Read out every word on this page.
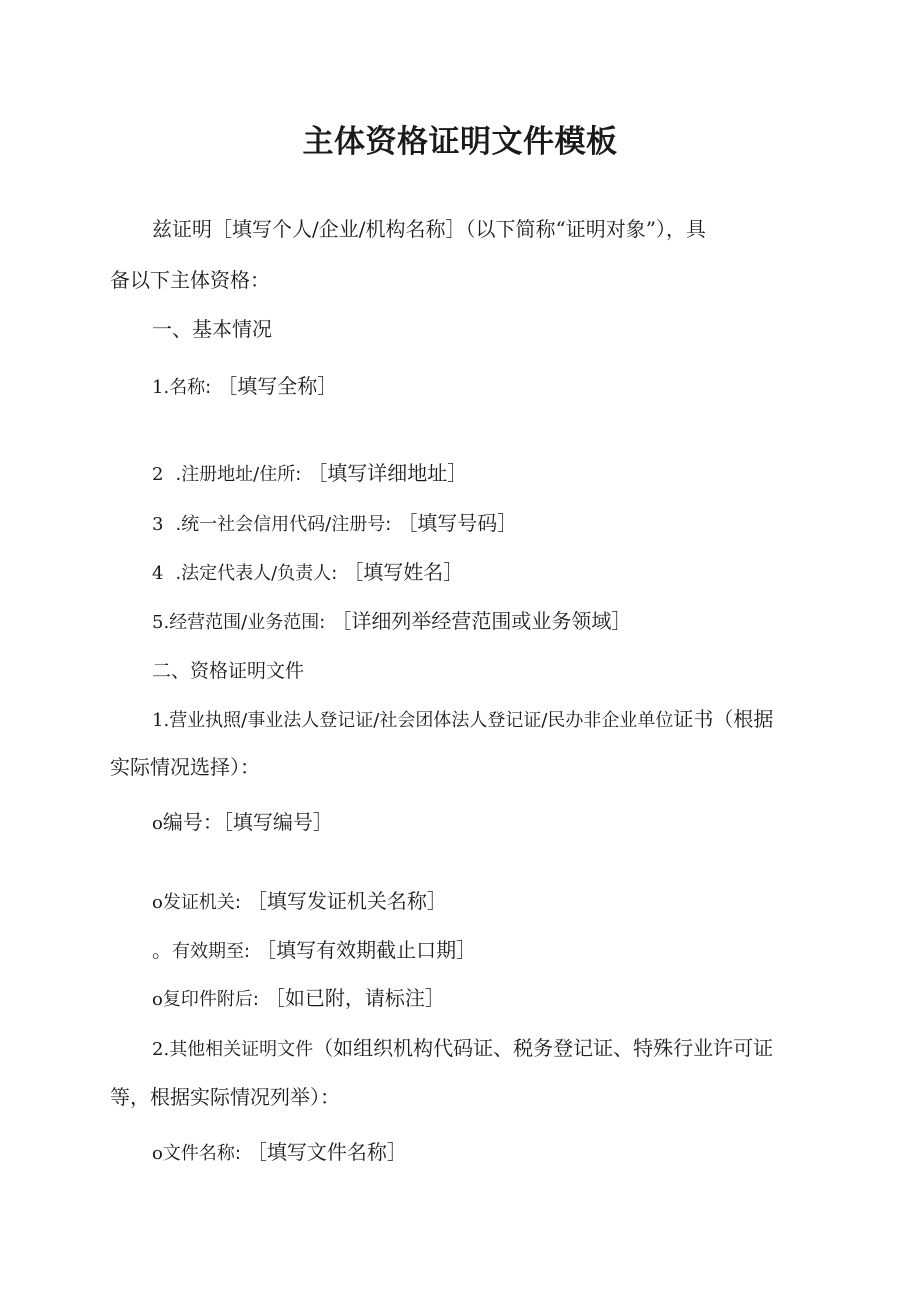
主体资格证明文件模板
兹证明［填写个人/企业/机构名称］（以下简称“证明对象”），具
备以下主体资格：
一、基本情况
1.名称: ［填写全称］
2 .注册地址/住所: ［填写详细地址］
3 .统一社会信用代码/注册号: ［填写号码］
4 .法定代表人/负责人: ［填写姓名］
5.经营范围/业务范围: ［详细列举经营范围或业务领域］
二、资格证明文件
1.营业执照/事业法人登记证/社会团体法人登记证/民办非企业单位证书（根据
实际情况选择）：
o编号：［填写编号］
o发证机关: ［填写发证机关名称］
。有效期至: ［填写有效期截止口期］
o复印件附后: ［如已附，请标注］
2.其他相关证明文件（如组织机构代码证、税务登记证、特殊行业许可证
等，根据实际情况列举）：
o文件名称: ［填写文件名称］
